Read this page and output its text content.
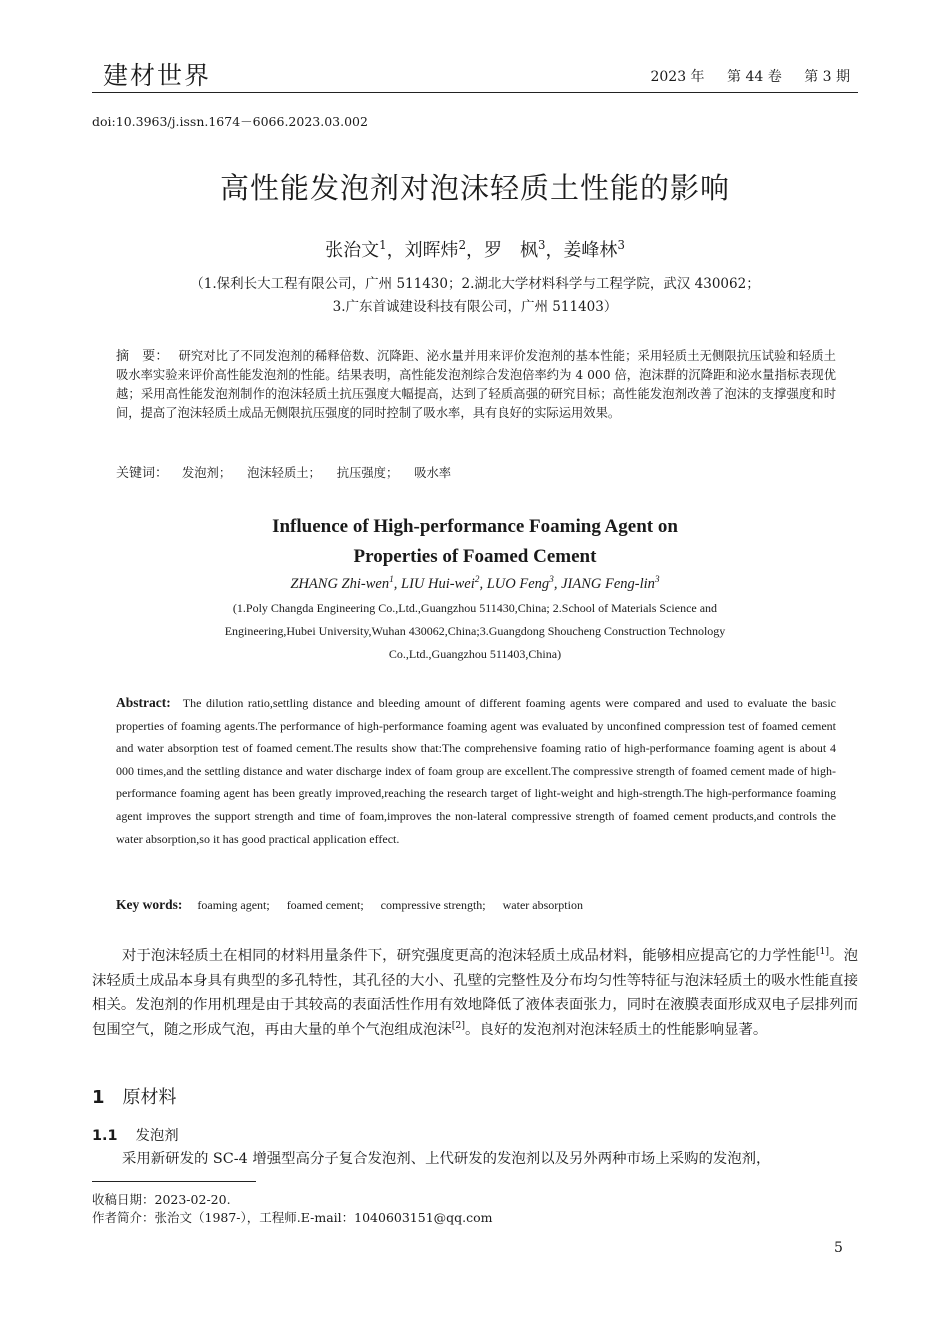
建材世界	2023 年 第 44 卷 第 3 期
doi:10.3963/j.issn.1674－6066.2023.03.002
高性能发泡剂对泡沫轻质土性能的影响
张治文$^1$，刘晖炜$^2$，罗　枫$^3$，姜峰林$^3$
（1.保利长大工程有限公司，广州 511430；2.湖北大学材料科学与工程学院，武汉 430062；
3.广东首诚建设科技有限公司，广州 511403）
摘　要： 研究对比了不同发泡剂的稀释倍数、沉降距、泌水量并用来评价发泡剂的基本性能；采用轻质土无侧限抗压试验和轻质土吸水率实验来评价高性能发泡剂的性能。结果表明，高性能发泡剂综合发泡倍率约为 4 000 倍，泡沫群的沉降距和泌水量指标表现优越；采用高性能发泡剂制作的泡沫轻质土抗压强度大幅提高，达到了轻质高强的研究目标；高性能发泡剂改善了泡沫的支撑强度和时间，提高了泡沫轻质土成品无侧限抗压强度的同时控制了吸水率，具有良好的实际运用效果。
关键词： 发泡剂； 泡沫轻质土； 抗压强度； 吸水率
Influence of High-performance Foaming Agent on
Properties of Foamed Cement
ZHANG Zhi-wen$^1$, LIU Hui-wei$^2$, LUO Feng$^3$, JIANG Feng-lin$^3$
(1.Poly Changda Engineering Co.,Ltd.,Guangzhou 511430,China; 2.School of Materials Science and
Engineering,Hubei University,Wuhan 430062,China;3.Guangdong Shoucheng Construction Technology
Co.,Ltd.,Guangzhou 511403,China)
Abstract: The dilution ratio,settling distance and bleeding amount of different foaming agents were compared and used to evaluate the basic properties of foaming agents.The performance of high-performance foaming agent was evaluated by unconfined compression test of foamed cement and water absorption test of foamed cement.The results show that:The comprehensive foaming ratio of high-performance foaming agent is about 4 000 times,and the settling distance and water discharge index of foam group are excellent.The compressive strength of foamed cement made of high-performance foaming agent has been greatly improved,reaching the research target of light-weight and high-strength.The high-performance foaming agent improves the support strength and time of foam,improves the non-lateral compressive strength of foamed cement products,and controls the water absorption,so it has good practical application effect.
Key words: foaming agent; foamed cement; compressive strength; water absorption
对于泡沫轻质土在相同的材料用量条件下，研究强度更高的泡沫轻质土成品材料，能够相应提高它的力学性能[1]。泡沫轻质土成品本身具有典型的多孔特性，其孔径的大小、孔壁的完整性及分布均匀性等特征与泡沫轻质土的吸水性能直接相关。发泡剂的作用机理是由于其较高的表面活性作用有效地降低了液体表面张力，同时在液膜表面形成双电子层排列而包围空气，随之形成气泡，再由大量的单个气泡组成泡沫[2]。良好的发泡剂对泡沫轻质土的性能影响显著。
1 原材料
1.1 发泡剂
采用新研发的 SC-4 增强型高分子复合发泡剂、上代研发的发泡剂以及另外两种市场上采购的发泡剂，
收稿日期：2023-02-20.
作者简介：张治文（1987-），工程师.E-mail：1040603151@qq.com
5
